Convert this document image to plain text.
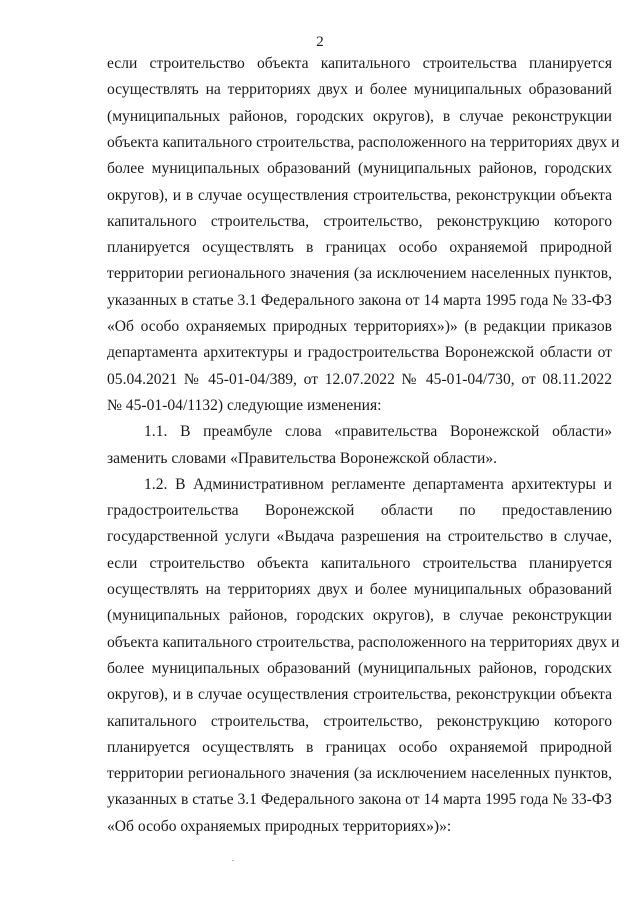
2
если строительство объекта капитального строительства планируется
осуществлять на территориях двух и более муниципальных образований
(муниципальных районов, городских округов), в случае реконструкции
объекта капитального строительства, расположенного на территориях двух и
более муниципальных образований (муниципальных районов, городских
округов), и в случае осуществления строительства, реконструкции объекта
капитального строительства, строительство, реконструкцию которого
планируется осуществлять в границах особо охраняемой природной
территории регионального значения (за исключением населенных пунктов,
указанных в статье 3.1 Федерального закона от 14 марта 1995 года № 33-ФЗ
«Об особо охраняемых природных территориях»)» (в редакции приказов
департамента архитектуры и градостроительства Воронежской области от
05.04.2021 № 45-01-04/389, от 12.07.2022 № 45-01-04/730, от 08.11.2022
№ 45-01-04/1132) следующие изменения:
1.1. В преамбуле слова «правительства Воронежской области»
заменить словами «Правительства Воронежской области».
1.2. В Административном регламенте департамента архитектуры и
градостроительства Воронежской области по предоставлению
государственной услуги «Выдача разрешения на строительство в случае,
если строительство объекта капитального строительства планируется
осуществлять на территориях двух и более муниципальных образований
(муниципальных районов, городских округов), в случае реконструкции
объекта капитального строительства, расположенного на территориях двух и
более муниципальных образований (муниципальных районов, городских
округов), и в случае осуществления строительства, реконструкции объекта
капитального строительства, строительство, реконструкцию которого
планируется осуществлять в границах особо охраняемой природной
территории регионального значения (за исключением населенных пунктов,
указанных в статье 3.1 Федерального закона от 14 марта 1995 года № 33-ФЗ
«Об особо охраняемых природных территориях»)»:
